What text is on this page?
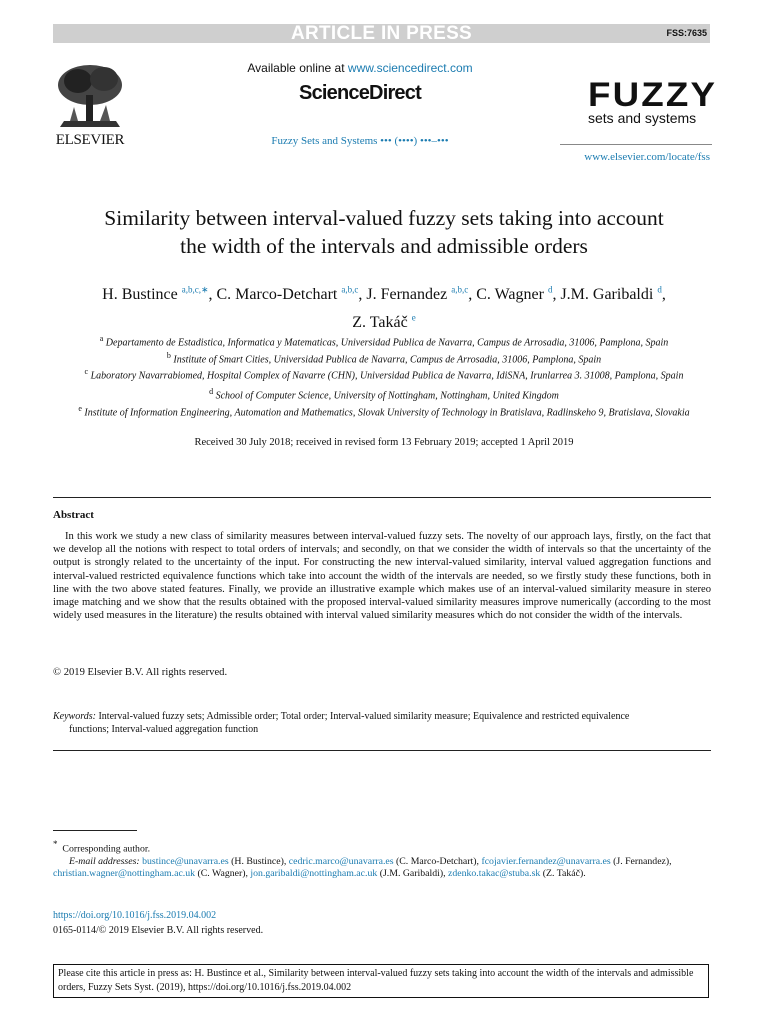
ARTICLE IN PRESS	FSS:7635
ELSEVIER
Available online at www.sciencedirect.com
ScienceDirect
Fuzzy Sets and Systems ••• (••••) •••–•••
FUZZY
sets and systems
www.elsevier.com/locate/fss
Similarity between interval-valued fuzzy sets taking into account
the width of the intervals and admissible orders
H. Bustince $^{a,b,c,∗}$, C. Marco-Detchart $^{a,b,c}$, J. Fernandez $^{a,b,c}$, C. Wagner $^d$, J.M. Garibaldi $^d$,
Z. Takáč $^e$
$^a$ Departamento de Estadistica, Informatica y Matematicas, Universidad Publica de Navarra, Campus de Arrosadia, 31006, Pamplona, Spain
$^b$ Institute of Smart Cities, Universidad Publica de Navarra, Campus de Arrosadia, 31006, Pamplona, Spain
$^c$ Laboratory Navarrabiomed, Hospital Complex of Navarre (CHN), Universidad Publica de Navarra, IdiSNA, Irunlarrea 3. 31008, Pamplona, Spain
$^d$ School of Computer Science, University of Nottingham, Nottingham, United Kingdom
$^e$ Institute of Information Engineering, Automation and Mathematics, Slovak University of Technology in Bratislava, Radlinskeho 9, Bratislava, Slovakia
Received 30 July 2018; received in revised form 13 February 2019; accepted 1 April 2019
Abstract

In this work we study a new class of similarity measures between interval-valued fuzzy sets. The novelty of our approach lays, firstly, on the fact that we develop all the notions with respect to total orders of intervals; and secondly, on that we consider the width of intervals so that the uncertainty of the output is strongly related to the uncertainty of the input. For constructing the new interval-valued similarity, interval valued aggregation functions and interval-valued restricted equivalence functions which take into account the width of the intervals are needed, so we firstly study these functions, both in line with the two above stated features. Finally, we provide an illustrative example which makes use of an interval-valued similarity measure in stereo image matching and we show that the results obtained with the proposed interval-valued similarity measures improve numerically (according to the most widely used measures in the literature) the results obtained with interval valued similarity measures which do not consider the width of the intervals.

© 2019 Elsevier B.V. All rights reserved.
Keywords: Interval-valued fuzzy sets; Admissible order; Total order; Interval-valued similarity measure; Equivalence and restricted equivalence
functions; Interval-valued aggregation function
* Corresponding author.
E-mail addresses: bustince@unavarra.es (H. Bustince), cedric.marco@unavarra.es (C. Marco-Detchart), fcojavier.fernandez@unavarra.es (J. Fernandez), christian.wagner@nottingham.ac.uk (C. Wagner), jon.garibaldi@nottingham.ac.uk (J.M. Garibaldi), zdenko.takac@stuba.sk (Z. Takáč).
https://doi.org/10.1016/j.fss.2019.04.002
0165-0114/© 2019 Elsevier B.V. All rights reserved.
Please cite this article in press as: H. Bustince et al., Similarity between interval-valued fuzzy sets taking into account the width of the intervals and admissible orders, Fuzzy Sets Syst. (2019), https://doi.org/10.1016/j.fss.2019.04.002
